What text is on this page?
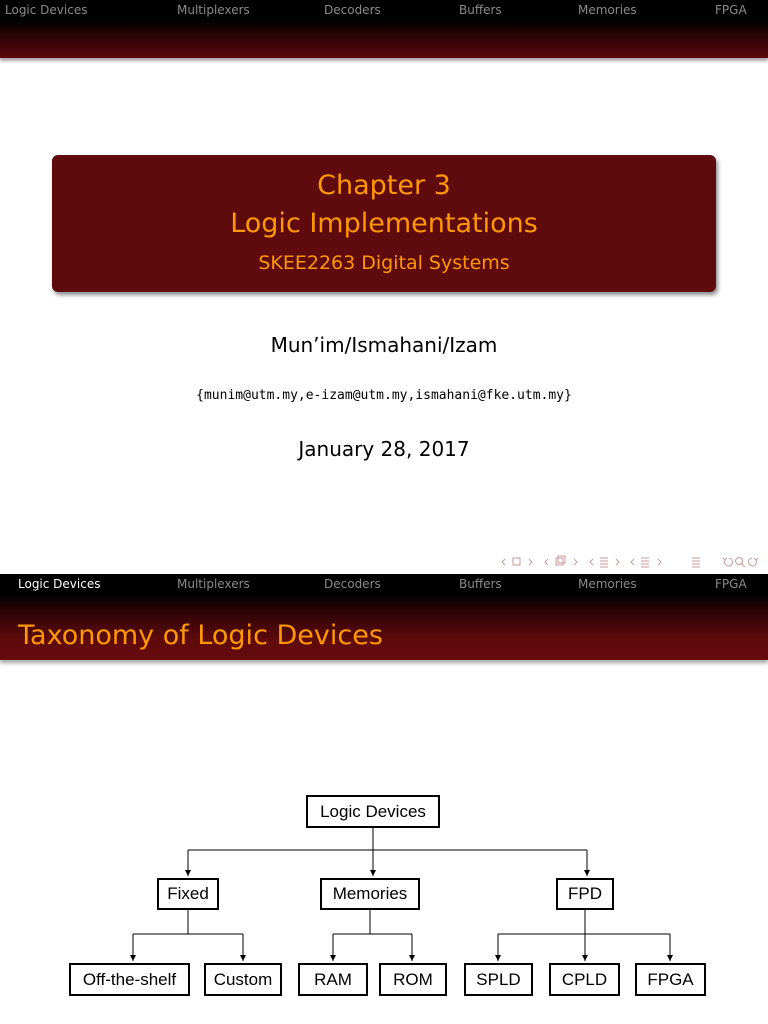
Logic Devices	Multiplexers	Decoders	Buffers	Memories	FPGA
Chapter 3
Logic Implementations
SKEE2263 Digital Systems
Mun’im/Ismahani/Izam
{munim@utm.my,e-izam@utm.my,ismahani@fke.utm.my}
January 28, 2017
Logic Devices	Multiplexers	Decoders	Buffers	Memories	FPGA
Taxonomy of Logic Devices
Logic Devices
Fixed	Memories	FPD
Off-the-shelf	Custom	RAM	ROM	SPLD	CPLD	FPGA
